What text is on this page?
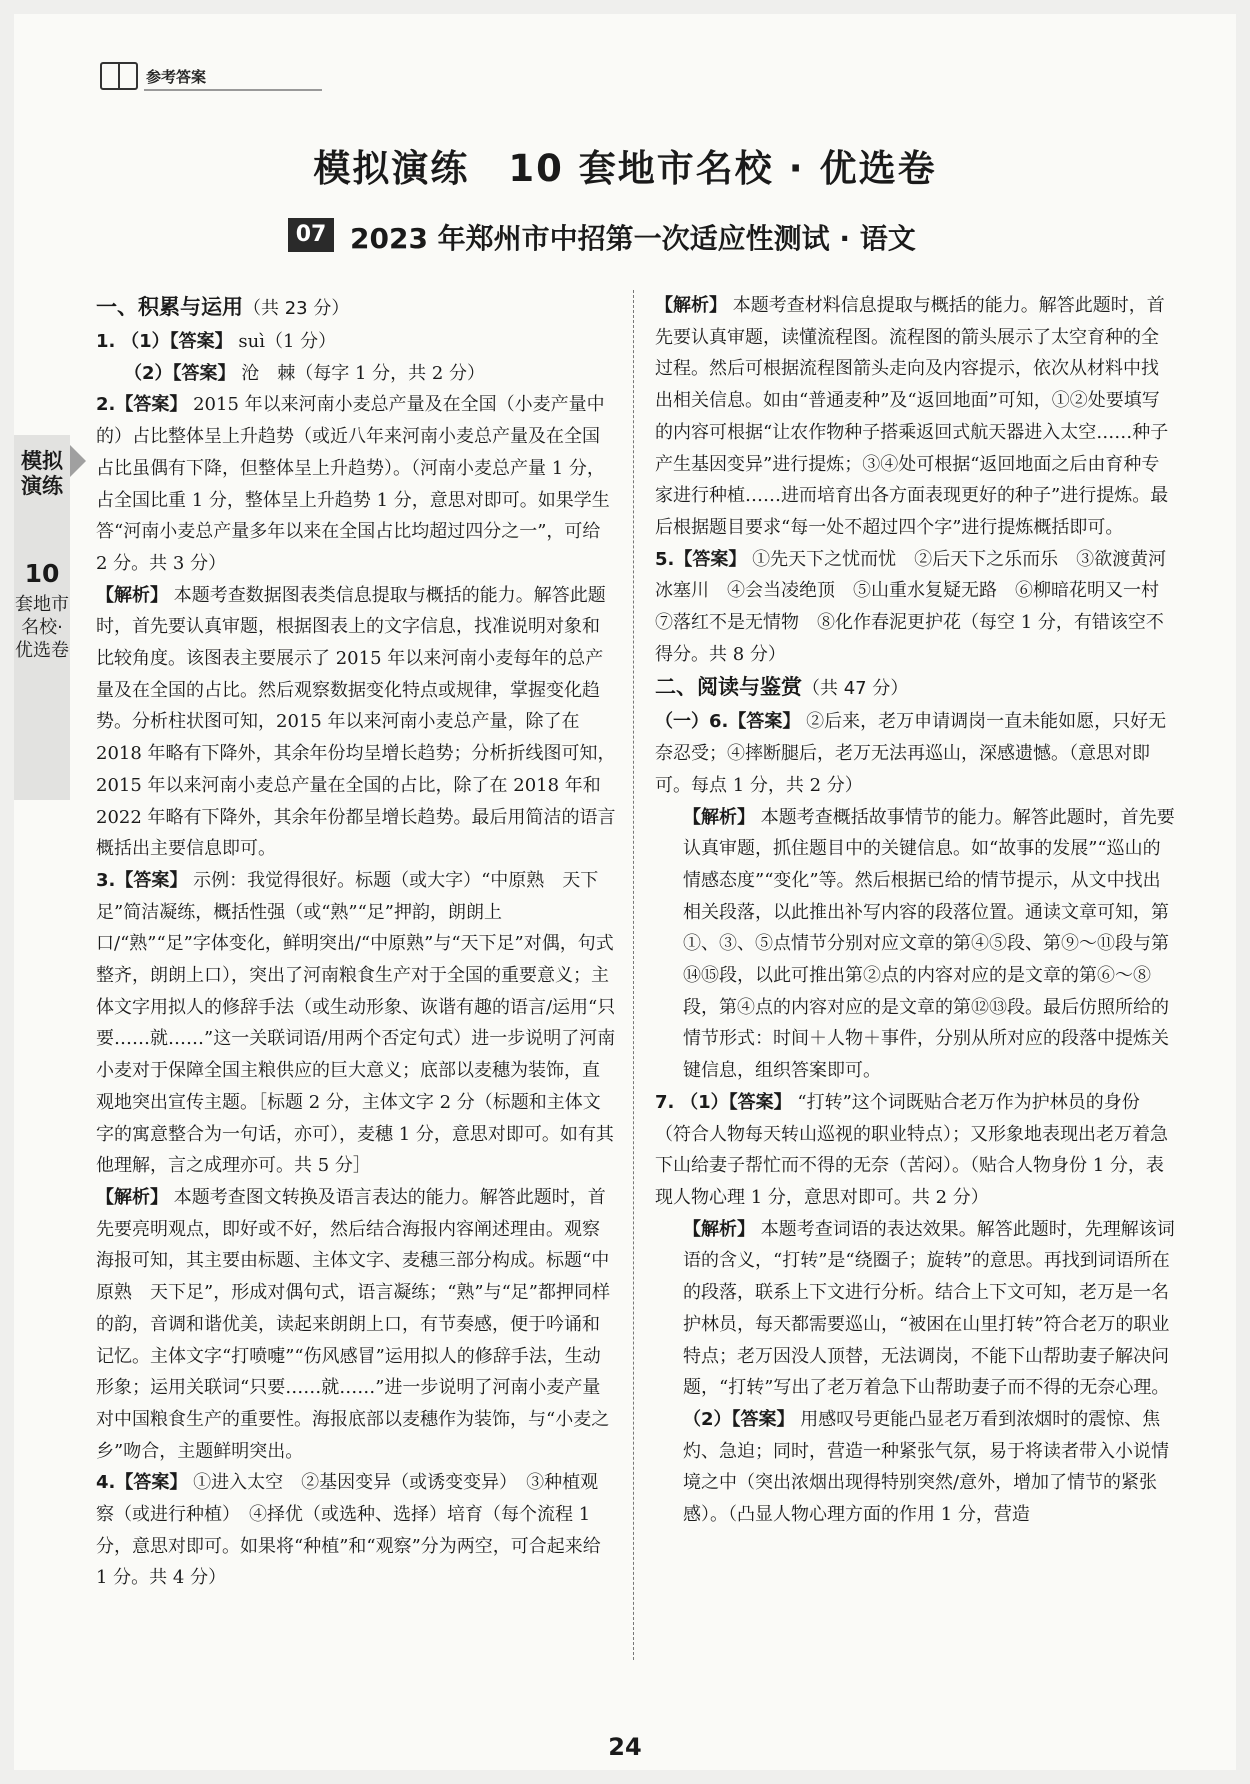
参考答案
模拟演练　10 套地市名校 · 优选卷
07 2023 年郑州市中招第一次适应性测试 · 语文
模拟演练
10
套地市名校·优选卷
一、积累与运用（共 23 分）
1. （1）【答案】 suì（1 分）
（2）【答案】 沧　棘（每字 1 分，共 2 分）
2.【答案】 2015 年以来河南小麦总产量及在全国（小麦产量中的）占比整体呈上升趋势（或近八年来河南小麦总产量及在全国占比虽偶有下降，但整体呈上升趋势）。（河南小麦总产量 1 分，占全国比重 1 分，整体呈上升趋势 1 分，意思对即可。如果学生答“河南小麦总产量多年以来在全国占比均超过四分之一”，可给 2 分。共 3 分）
【解析】 本题考查数据图表类信息提取与概括的能力。解答此题时，首先要认真审题，根据图表上的文字信息，找准说明对象和比较角度。该图表主要展示了 2015 年以来河南小麦每年的总产量及在全国的占比。然后观察数据变化特点或规律，掌握变化趋势。分析柱状图可知，2015 年以来河南小麦总产量，除了在 2018 年略有下降外，其余年份均呈增长趋势；分析折线图可知，2015 年以来河南小麦总产量在全国的占比，除了在 2018 年和 2022 年略有下降外，其余年份都呈增长趋势。最后用简洁的语言概括出主要信息即可。
3.【答案】 示例：我觉得很好。标题（或大字）“中原熟　天下足”简洁凝练，概括性强（或“熟”“足”押韵，朗朗上口/“熟”“足”字体变化，鲜明突出/“中原熟”与“天下足”对偶，句式整齐，朗朗上口），突出了河南粮食生产对于全国的重要意义；主体文字用拟人的修辞手法（或生动形象、诙谐有趣的语言/运用“只要……就……”这一关联词语/用两个否定句式）进一步说明了河南小麦对于保障全国主粮供应的巨大意义；底部以麦穗为装饰，直观地突出宣传主题。［标题 2 分，主体文字 2 分（标题和主体文字的寓意整合为一句话，亦可），麦穗 1 分，意思对即可。如有其他理解，言之成理亦可。共 5 分］
【解析】 本题考查图文转换及语言表达的能力。解答此题时，首先要亮明观点，即好或不好，然后结合海报内容阐述理由。观察海报可知，其主要由标题、主体文字、麦穗三部分构成。标题“中原熟　天下足”，形成对偶句式，语言凝练；“熟”与“足”都押同样的韵，音调和谐优美，读起来朗朗上口，有节奏感，便于吟诵和记忆。主体文字“打喷嚏”“伤风感冒”运用拟人的修辞手法，生动形象；运用关联词“只要……就……”进一步说明了河南小麦产量对中国粮食生产的重要性。海报底部以麦穗作为装饰，与“小麦之乡”吻合，主题鲜明突出。
4.【答案】 ①进入太空　②基因变异（或诱变变异）　③种植观察（或进行种植）　④择优（或选种、选择）培育（每个流程 1 分，意思对即可。如果将“种植”和“观察”分为两空，可合起来给 1 分。共 4 分）
【解析】 本题考查材料信息提取与概括的能力。解答此题时，首先要认真审题，读懂流程图。流程图的箭头展示了太空育种的全过程。然后可根据流程图箭头走向及内容提示，依次从材料中找出相关信息。如由“普通麦种”及“返回地面”可知，①②处要填写的内容可根据“让农作物种子搭乘返回式航天器进入太空……种子产生基因变异”进行提炼；③④处可根据“返回地面之后由育种专家进行种植……进而培育出各方面表现更好的种子”进行提炼。最后根据题目要求“每一处不超过四个字”进行提炼概括即可。
5.【答案】 ①先天下之忧而忧　②后天下之乐而乐　③欲渡黄河冰塞川　④会当凌绝顶　⑤山重水复疑无路　⑥柳暗花明又一村　⑦落红不是无情物　⑧化作春泥更护花（每空 1 分，有错该空不得分。共 8 分）
二、阅读与鉴赏（共 47 分）
（一）6.【答案】 ②后来，老万申请调岗一直未能如愿，只好无奈忍受；④摔断腿后，老万无法再巡山，深感遗憾。（意思对即可。每点 1 分，共 2 分）
【解析】 本题考查概括故事情节的能力。解答此题时，首先要认真审题，抓住题目中的关键信息。如“故事的发展”“巡山的情感态度”“变化”等。然后根据已给的情节提示，从文中找出相关段落，以此推出补写内容的段落位置。通读文章可知，第①、③、⑤点情节分别对应文章的第④⑤段、第⑨～⑪段与第⑭⑮段，以此可推出第②点的内容对应的是文章的第⑥～⑧段，第④点的内容对应的是文章的第⑫⑬段。最后仿照所给的情节形式：时间＋人物＋事件，分别从所对应的段落中提炼关键信息，组织答案即可。
7. （1）【答案】 “打转”这个词既贴合老万作为护林员的身份（符合人物每天转山巡视的职业特点）；又形象地表现出老万着急下山给妻子帮忙而不得的无奈（苦闷）。（贴合人物身份 1 分，表现人物心理 1 分，意思对即可。共 2 分）
【解析】 本题考查词语的表达效果。解答此题时，先理解该词语的含义，“打转”是“绕圈子；旋转”的意思。再找到词语所在的段落，联系上下文进行分析。结合上下文可知，老万是一名护林员，每天都需要巡山，“被困在山里打转”符合老万的职业特点；老万因没人顶替，无法调岗，不能下山帮助妻子解决问题，“打转”写出了老万着急下山帮助妻子而不得的无奈心理。
（2）【答案】 用感叹号更能凸显老万看到浓烟时的震惊、焦灼、急迫；同时，营造一种紧张气氛，易于将读者带入小说情境之中（突出浓烟出现得特别突然/意外，增加了情节的紧张感）。（凸显人物心理方面的作用 1 分，营造
24
